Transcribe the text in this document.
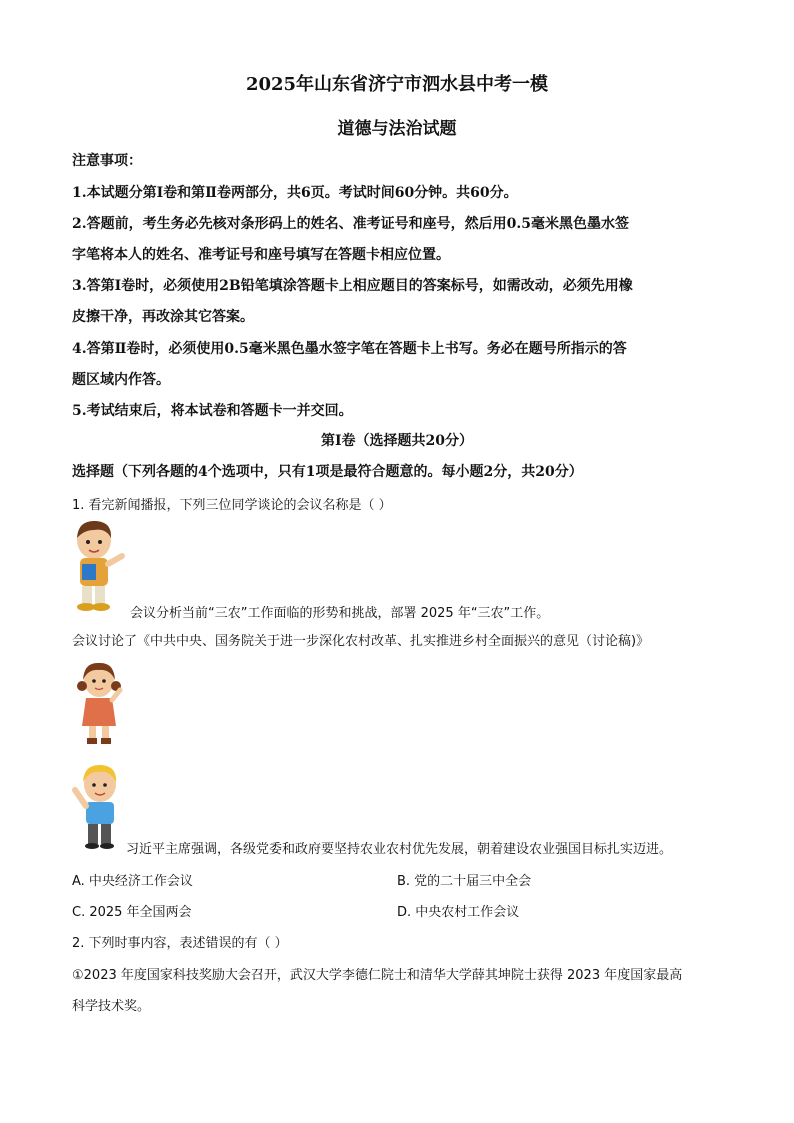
2025年山东省济宁市泗水县中考一模
道德与法治试题
注意事项：
1.本试题分第Ⅰ卷和第Ⅱ卷两部分，共6页。考试时间60分钟。共60分。
2.答题前，考生务必先核对条形码上的姓名、准考证号和座号，然后用0.5毫米黑色墨水签
字笔将本人的姓名、准考证号和座号填写在答题卡相应位置。
3.答第Ⅰ卷时，必须使用2B铅笔填涂答题卡上相应题目的答案标号，如需改动，必须先用橡
皮擦干净，再改涂其它答案。
4.答第Ⅱ卷时，必须使用0.5毫米黑色墨水签字笔在答题卡上书写。务必在题号所指示的答
题区域内作答。
5.考试结束后，将本试卷和答题卡一并交回。
第Ⅰ卷（选择题共20分）
选择题（下列各题的4个选项中，只有1项是最符合题意的。每小题2分，共20分）
1. 看完新闻播报，下列三位同学谈论的会议名称是（ ）
会议分析当前“三农”工作面临的形势和挑战，部署 2025 年“三农”工作。
会议讨论了《中共中央、国务院关于进一步深化农村改革、扎实推进乡村全面振兴的意见（讨论稿)》
习近平主席强调，各级党委和政府要坚持农业农村优先发展，朝着建设农业强国目标扎实迈进。
A. 中央经济工作会议	B. 党的二十届三中全会
C. 2025 年全国两会	D. 中央农村工作会议
2. 下列时事内容，表述错误的有（ ）
①2023 年度国家科技奖励大会召开，武汉大学李德仁院士和清华大学薛其坤院士获得 2023 年度国家最高
科学技术奖。
